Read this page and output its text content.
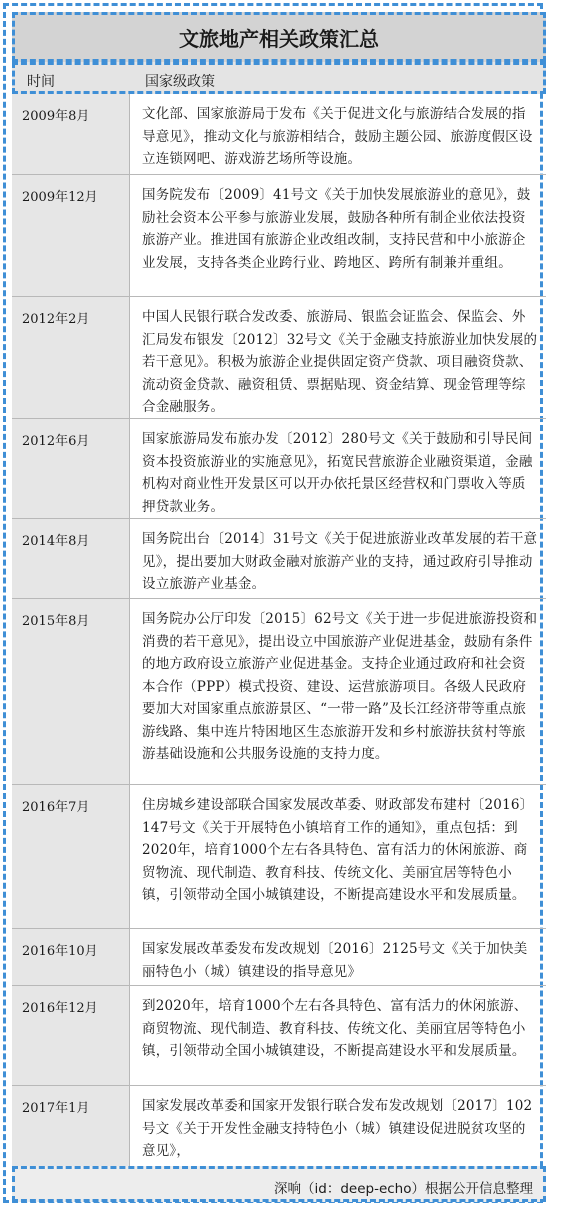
文旅地产相关政策汇总
时间	国家级政策
2009年8月	文化部、国家旅游局于发布《关于促进文化与旅游结合发展的指导意见》，推动文化与旅游相结合，鼓励主题公园、旅游度假区设立连锁网吧、游戏游艺场所等设施。
2009年12月	国务院发布〔2009〕41号文《关于加快发展旅游业的意见》，鼓励社会资本公平参与旅游业发展，鼓励各种所有制企业依法投资旅游产业。推进国有旅游企业改组改制，支持民营和中小旅游企业发展，支持各类企业跨行业、跨地区、跨所有制兼并重组。
2012年2月	中国人民银行联合发改委、旅游局、银监会证监会、保监会、外汇局发布银发〔2012〕32号文《关于金融支持旅游业加快发展的若干意见》。积极为旅游企业提供固定资产贷款、项目融资贷款、流动资金贷款、融资租赁、票据贴现、资金结算、现金管理等综合金融服务。
2012年6月	国家旅游局发布旅办发〔2012〕280号文《关于鼓励和引导民间资本投资旅游业的实施意见》，拓宽民营旅游企业融资渠道，金融机构对商业性开发景区可以开办依托景区经营权和门票收入等质押贷款业务。
2014年8月	国务院出台〔2014〕31号文《关于促进旅游业改革发展的若干意见》，提出要加大财政金融对旅游产业的支持，通过政府引导推动设立旅游产业基金。
2015年8月	国务院办公厅印发〔2015〕62号文《关于进一步促进旅游投资和消费的若干意见》，提出设立中国旅游产业促进基金，鼓励有条件的地方政府设立旅游产业促进基金。支持企业通过政府和社会资本合作（PPP）模式投资、建设、运营旅游项目。各级人民政府要加大对国家重点旅游景区、“一带一路”及长江经济带等重点旅游线路、集中连片特困地区生态旅游开发和乡村旅游扶贫村等旅游基础设施和公共服务设施的支持力度。
2016年7月	住房城乡建设部联合国家发展改革委、财政部发布建村〔2016〕147号文《关于开展特色小镇培育工作的通知》，重点包括：到2020年，培育1000个左右各具特色、富有活力的休闲旅游、商贸物流、现代制造、教育科技、传统文化、美丽宜居等特色小镇，引领带动全国小城镇建设，不断提高建设水平和发展质量。
2016年10月	国家发展改革委发布发改规划〔2016〕2125号文《关于加快美丽特色小（城）镇建设的指导意见》
2016年12月	到2020年，培育1000个左右各具特色、富有活力的休闲旅游、商贸物流、现代制造、教育科技、传统文化、美丽宜居等特色小镇，引领带动全国小城镇建设，不断提高建设水平和发展质量。
2017年1月	国家发展改革委和国家开发银行联合发布发改规划〔2017〕102号文《关于开发性金融支持特色小（城）镇建设促进脱贫攻坚的意见》，
深响（id：deep-echo）根据公开信息整理
